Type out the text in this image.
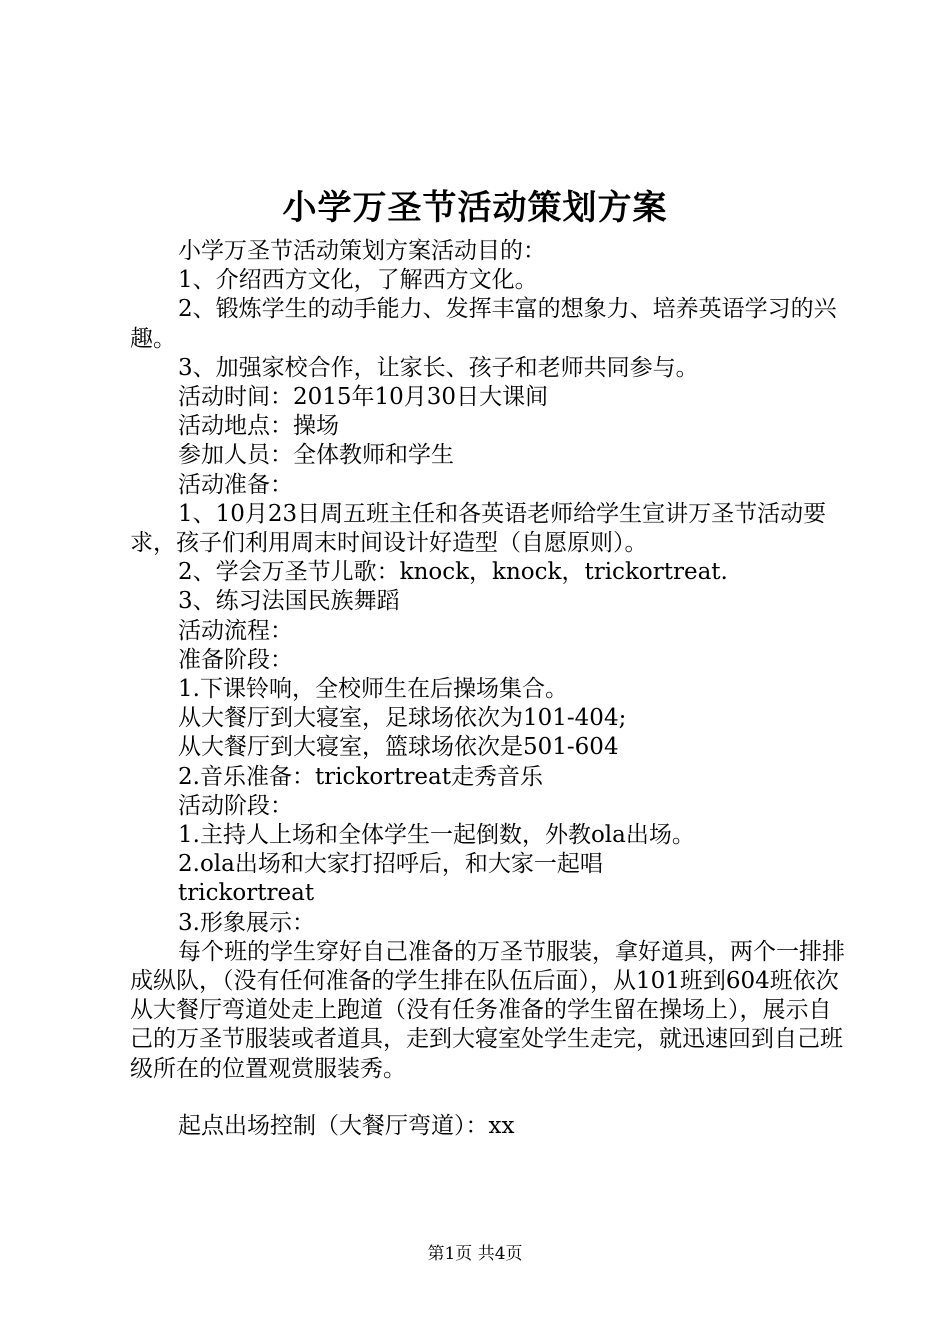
小学万圣节活动策划方案

小学万圣节活动策划方案活动目的：

1、介绍西方文化，了解西方文化。

2、锻炼学生的动手能力、发挥丰富的想象力、培养英语学习的兴趣。

3、加强家校合作，让家长、孩子和老师共同参与。

活动时间：2015年10月30日大课间

活动地点：操场

参加人员：全体教师和学生

活动准备：

1、10月23日周五班主任和各英语老师给学生宣讲万圣节活动要求，孩子们利用周末时间设计好造型（自愿原则）。

2、学会万圣节儿歌：knock，knock，trickortreat.

3、练习法国民族舞蹈

活动流程：

准备阶段：

1.下课铃响，全校师生在后操场集合。

从大餐厅到大寝室，足球场依次为101-404;

从大餐厅到大寝室，篮球场依次是501-604

2.音乐准备：trickortreat走秀音乐

活动阶段：

1.主持人上场和全体学生一起倒数，外教ola出场。

2.ola出场和大家打招呼后，和大家一起唱

trickortreat

3.形象展示：

每个班的学生穿好自己准备的万圣节服装，拿好道具，两个一排排成纵队，（没有任何准备的学生排在队伍后面），从101班到604班依次从大餐厅弯道处走上跑道（没有任务准备的学生留在操场上），展示自己的万圣节服装或者道具，走到大寝室处学生走完，就迅速回到自己班级所在的位置观赏服装秀。

起点出场控制（大餐厅弯道）：xx

第1页 共4页
